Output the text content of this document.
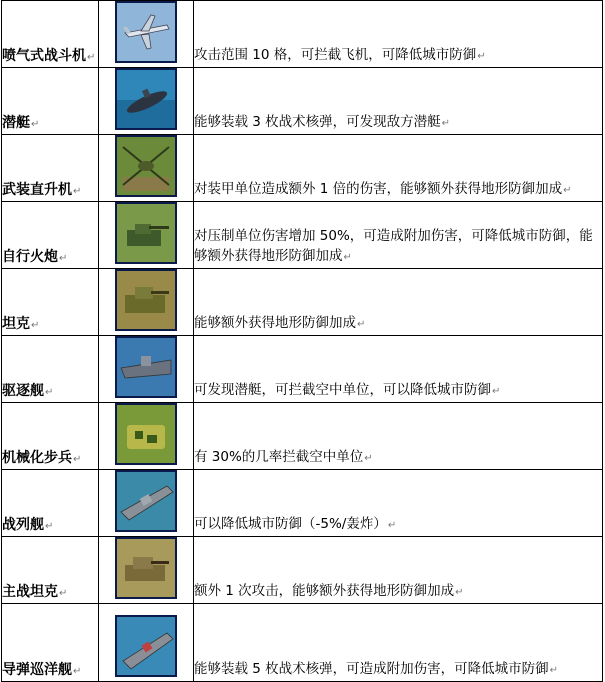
喷气式战斗机↵		攻击范围 10 格，可拦截飞机，可降低城市防御↵
潜艇↵		能够装载 3 枚战术核弹，可发现敌方潜艇↵
武装直升机↵		对装甲单位造成额外 1 倍的伤害，能够额外获得地形防御加成↵
自行火炮↵		对压制单位伤害增加 50%，可造成附加伤害，可降低城市防御，能够额外获得地形防御加成↵
坦克↵		能够额外获得地形防御加成↵
驱逐舰↵		可发现潜艇，可拦截空中单位，可以降低城市防御↵
机械化步兵↵		有 30%的几率拦截空中单位↵
战列舰↵		可以降低城市防御（-5%/轰炸）↵
主战坦克↵		额外 1 次攻击，能够额外获得地形防御加成↵
导弹巡洋舰↵		能够装载 5 枚战术核弹，可造成附加伤害，可降低城市防御↵
